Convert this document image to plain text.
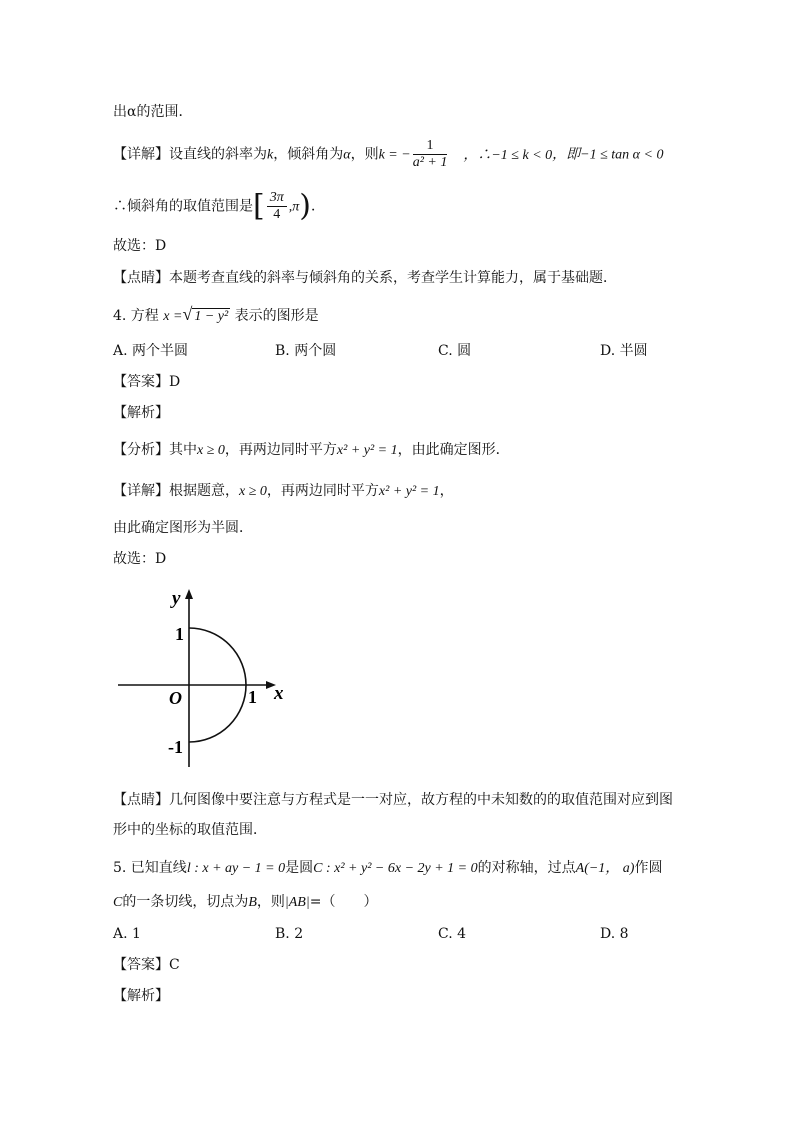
出α的范围．
【详解】设直线的斜率为k，倾斜角为α，则k = − $\frac{1}{\text{a² + 1}}$ ，∴−1 ≤ k < 0，即−1 ≤ tan α < 0
∴倾斜角的取值范围是[ $\frac{3\pi}{4} ,\pi$)．
故选：D
【点睛】本题考查直线的斜率与倾斜角的关系，考查学生计算能力，属于基础题．
4. 方程 x =√ 1 − y² 表示的图形是
A. 两个半圆	B. 两个圆	C. 圆	D. 半圆
【答案】D
【解析】
【分析】其中x ≥ 0，再两边同时平方x² + y² = 1，由此确定图形．
【详解】根据题意，x ≥ 0，再两边同时平方x² + y² = 1，
由此确定图形为半圆．
故选：D
y
x
O
1
-1
1
【点睛】几何图像中要注意与方程式是一一对应，故方程的中未知数的的取值范围对应到图
形中的坐标的取值范围．
5. 已知直线l : x + ay − 1 = 0是圆C : x² + y² − 6x − 2y + 1 = 0的对称轴，过点A(−1， a)作圆
C的一条切线，切点为B，则|AB|=（　　）
A. 1	B. 2	C. 4	D. 8
【答案】C
【解析】
